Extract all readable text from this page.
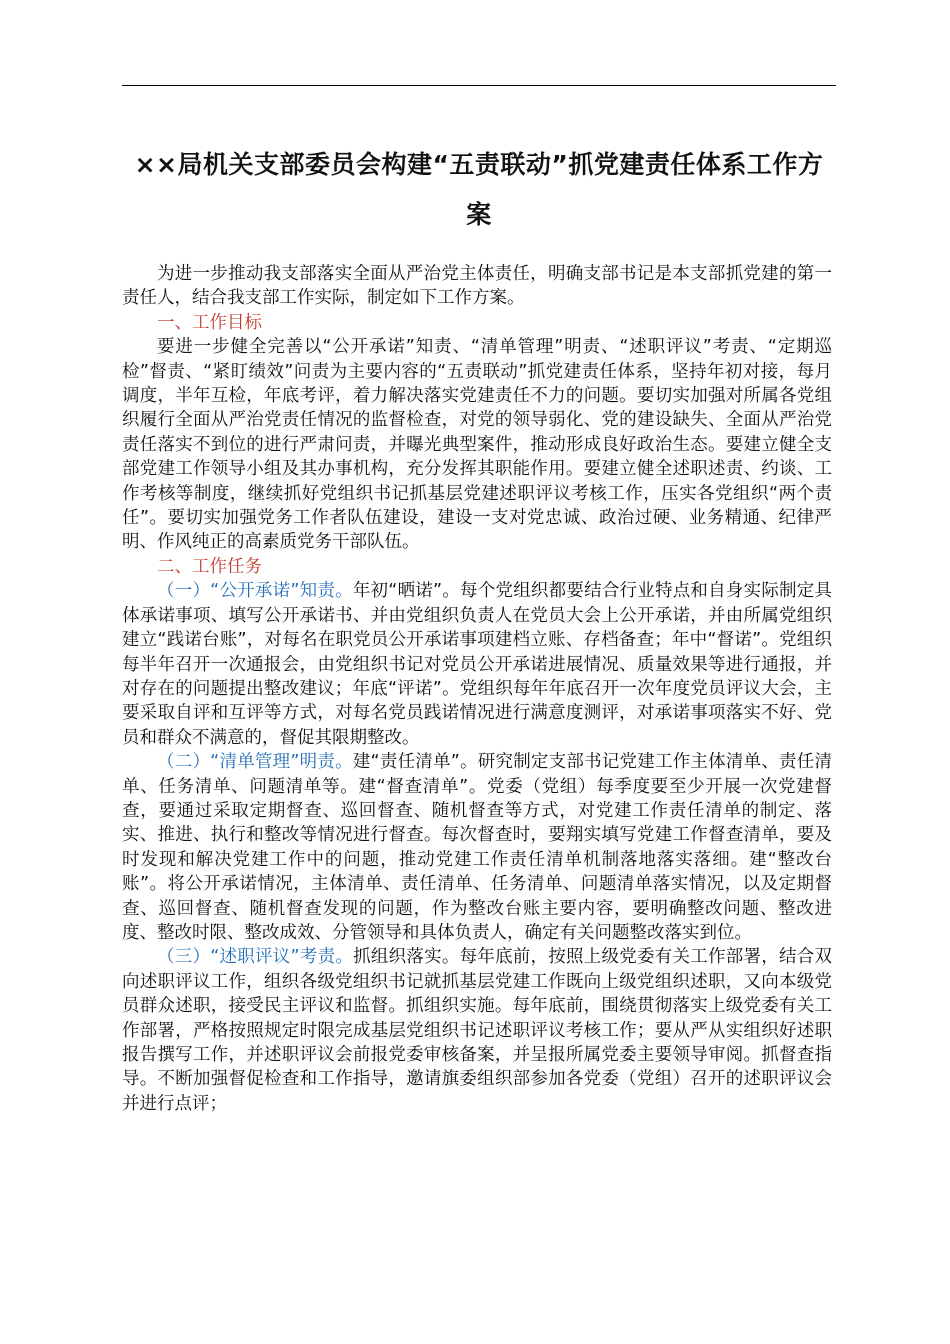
××局机关支部委员会构建“五责联动”抓党建责任体系工作方案

为进一步推动我支部落实全面从严治党主体责任，明确支部书记是本支部抓党建的第一责任人，结合我支部工作实际，制定如下工作方案。

一、工作目标

要进一步健全完善以“公开承诺”知责、“清单管理”明责、“述职评议”考责、“定期巡检”督责、“紧盯绩效”问责为主要内容的“五责联动”抓党建责任体系，坚持年初对接，每月调度，半年互检，年底考评，着力解决落实党建责任不力的问题。要切实加强对所属各党组织履行全面从严治党责任情况的监督检查，对党的领导弱化、党的建设缺失、全面从严治党责任落实不到位的进行严肃问责，并曝光典型案件，推动形成良好政治生态。要建立健全支部党建工作领导小组及其办事机构，充分发挥其职能作用。要建立健全述职述责、约谈、工作考核等制度，继续抓好党组织书记抓基层党建述职评议考核工作，压实各党组织“两个责任”。要切实加强党务工作者队伍建设，建设一支对党忠诚、政治过硬、业务精通、纪律严明、作风纯正的高素质党务干部队伍。

二、工作任务

（一）“公开承诺”知责。年初“晒诺”。每个党组织都要结合行业特点和自身实际制定具体承诺事项、填写公开承诺书、并由党组织负责人在党员大会上公开承诺，并由所属党组织建立“践诺台账”，对每名在职党员公开承诺事项建档立账、存档备查；年中“督诺”。党组织每半年召开一次通报会，由党组织书记对党员公开承诺进展情况、质量效果等进行通报，并对存在的问题提出整改建议；年底“评诺”。党组织每年年底召开一次年度党员评议大会，主要采取自评和互评等方式，对每名党员践诺情况进行满意度测评，对承诺事项落实不好、党员和群众不满意的，督促其限期整改。

（二）“清单管理”明责。建“责任清单”。研究制定支部书记党建工作主体清单、责任清单、任务清单、问题清单等。建“督查清单”。党委（党组）每季度要至少开展一次党建督查，要通过采取定期督查、巡回督查、随机督查等方式，对党建工作责任清单的制定、落实、推进、执行和整改等情况进行督查。每次督查时，要翔实填写党建工作督查清单，要及时发现和解决党建工作中的问题，推动党建工作责任清单机制落地落实落细。建“整改台账”。将公开承诺情况，主体清单、责任清单、任务清单、问题清单落实情况，以及定期督查、巡回督查、随机督查发现的问题，作为整改台账主要内容，要明确整改问题、整改进度、整改时限、整改成效、分管领导和具体负责人，确定有关问题整改落实到位。

（三）“述职评议”考责。抓组织落实。每年底前，按照上级党委有关工作部署，结合双向述职评议工作，组织各级党组织书记就抓基层党建工作既向上级党组织述职，又向本级党员群众述职，接受民主评议和监督。抓组织实施。每年底前，围绕贯彻落实上级党委有关工作部署，严格按照规定时限完成基层党组织书记述职评议考核工作；要从严从实组织好述职报告撰写工作，并述职评议会前报党委审核备案，并呈报所属党委主要领导审阅。抓督查指导。不断加强督促检查和工作指导，邀请旗委组织部参加各党委（党组）召开的述职评议会并进行点评；
